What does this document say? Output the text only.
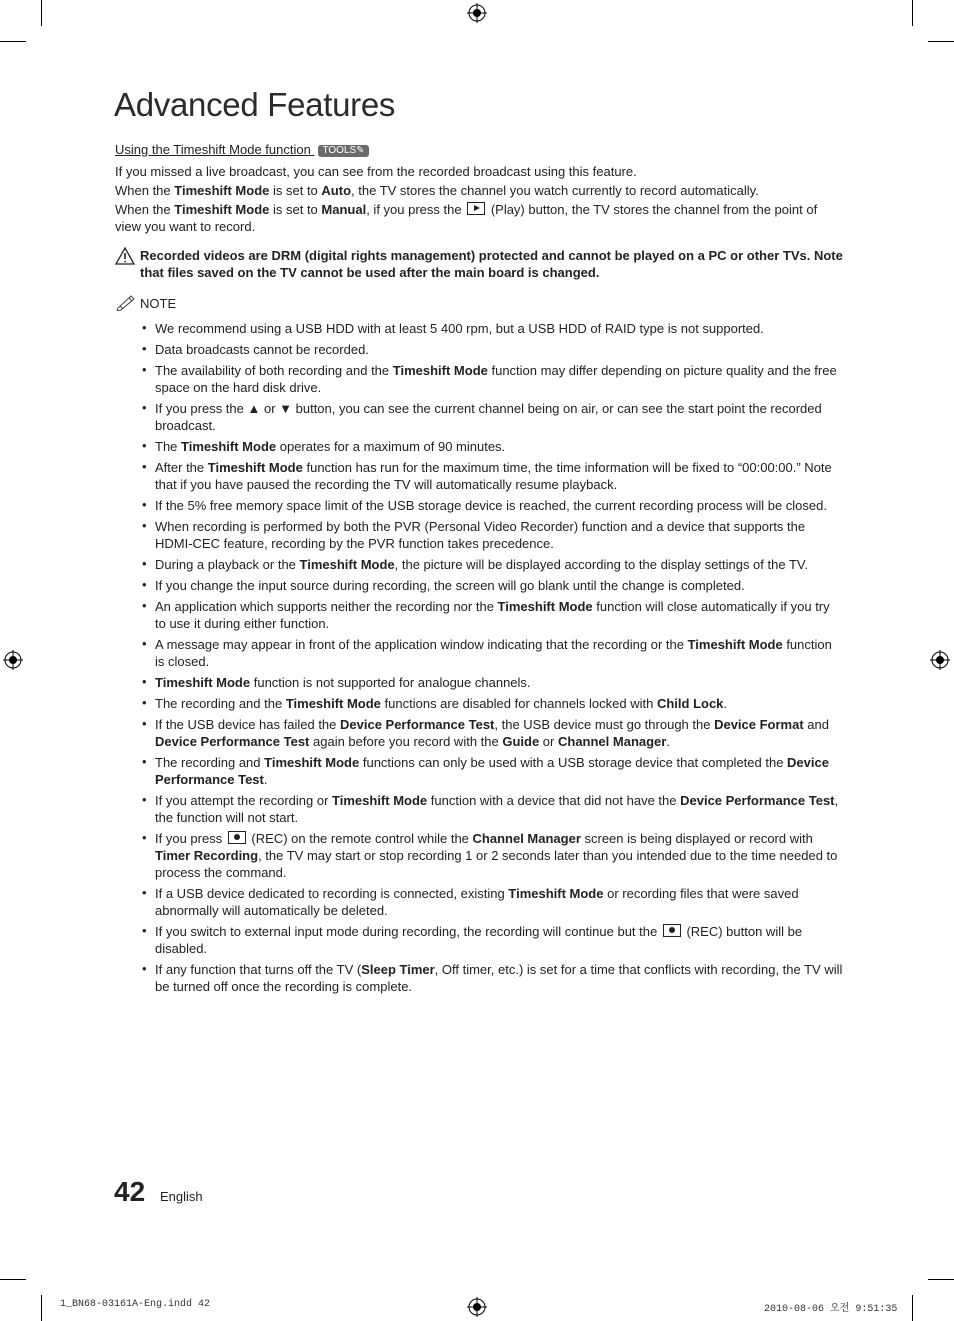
Advanced Features
Using the Timeshift Mode function TOOLS✎

If you missed a live broadcast, you can see from the recorded broadcast using this feature.

When the Timeshift Mode is set to Auto, the TV stores the channel you watch currently to record automatically.

When the Timeshift Mode is set to Manual, if you press the  (Play) button, the TV stores the channel from the point of view you want to record.

Recorded videos are DRM (digital rights management) protected and cannot be played on a PC or other TVs. Note that files saved on the TV cannot be used after the main board is changed.
NOTE
• We recommend using a USB HDD with at least 5 400 rpm, but a USB HDD of RAID type is not supported.
• Data broadcasts cannot be recorded.
• The availability of both recording and the Timeshift Mode function may differ depending on picture quality and the free space on the hard disk drive.
• If you press the ▲ or ▼ button, you can see the current channel being on air, or can see the start point the recorded broadcast.
• The Timeshift Mode operates for a maximum of 90 minutes.
• After the Timeshift Mode function has run for the maximum time, the time information will be fixed to “00:00:00.” Note that if you have paused the recording the TV will automatically resume playback.
• If the 5% free memory space limit of the USB storage device is reached, the current recording process will be closed.
• When recording is performed by both the PVR (Personal Video Recorder) function and a device that supports the HDMI-CEC feature, recording by the PVR function takes precedence.
• During a playback or the Timeshift Mode, the picture will be displayed according to the display settings of the TV.
• If you change the input source during recording, the screen will go blank until the change is completed.
• An application which supports neither the recording nor the Timeshift Mode function will close automatically if you try to use it during either function.
• A message may appear in front of the application window indicating that the recording or the Timeshift Mode function is closed.
• Timeshift Mode function is not supported for analogue channels.
• The recording and the Timeshift Mode functions are disabled for channels locked with Child Lock.
• If the USB device has failed the Device Performance Test, the USB device must go through the Device Format and Device Performance Test again before you record with the Guide or Channel Manager.
• The recording and Timeshift Mode functions can only be used with a USB storage device that completed the Device Performance Test.
• If you attempt the recording or Timeshift Mode function with a device that did not have the Device Performance Test, the function will not start.
• If you press  (REC) on the remote control while the Channel Manager screen is being displayed or record with Timer Recording, the TV may start or stop recording 1 or 2 seconds later than you intended due to the time needed to process the command.
• If a USB device dedicated to recording is connected, existing Timeshift Mode or recording files that were saved abnormally will automatically be deleted.
• If you switch to external input mode during recording, the recording will continue but the  (REC) button will be disabled.
• If any function that turns off the TV (Sleep Timer, Off timer, etc.) is set for a time that conflicts with recording, the TV will be turned off once the recording is complete.
42 English
1_BN68-03161A-Eng.indd 42	2010-08-06 오전 9:51:35
